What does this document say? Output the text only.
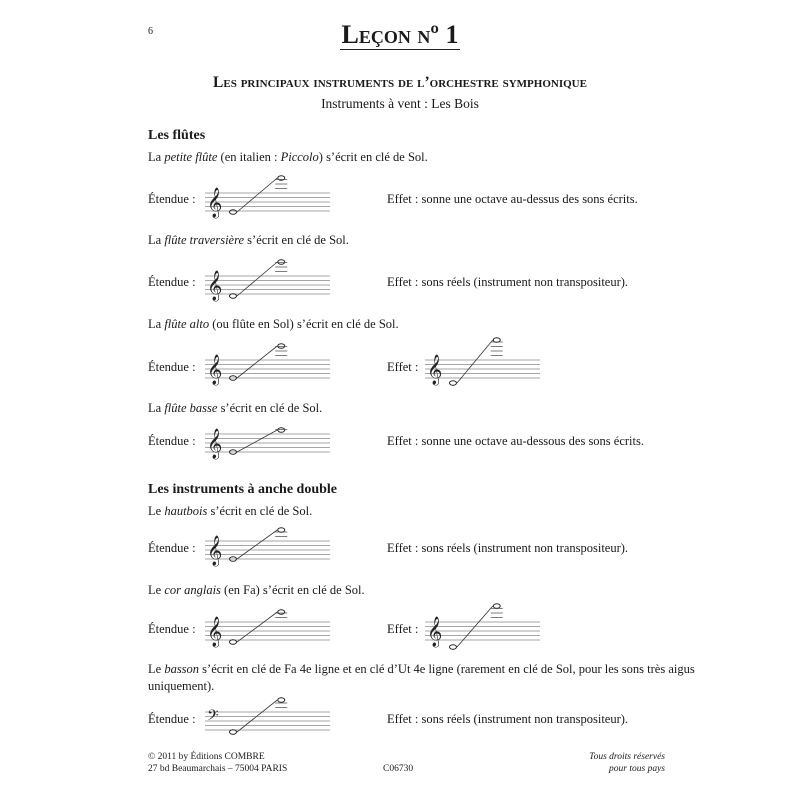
6	Leçon nº 1
Les principaux instruments de l’orchestre symphonique
Instruments à vent : Les Bois
Les flûtes
Les instruments à anche double
La petite flûte (en italien : Piccolo) s’écrit en clé de Sol.
Étendue : 𝄞	Effet : sonne une octave au-dessus des sons écrits.
La flûte traversière s’écrit en clé de Sol.
Étendue : 𝄞	Effet : sons réels (instrument non transpositeur).
La flûte alto (ou flûte en Sol) s’écrit en clé de Sol.
Étendue : 𝄞	Effet : 𝄞
La flûte basse s’écrit en clé de Sol.
Étendue : 𝄞	Effet : sonne une octave au-dessous des sons écrits.
Le hautbois s’écrit en clé de Sol.
Étendue : 𝄞	Effet : sons réels (instrument non transpositeur).
Le cor anglais (en Fa) s’écrit en clé de Sol.
Étendue : 𝄞	Effet : 𝄞
Le basson s’écrit en clé de Fa 4e ligne et en clé d’Ut 4e ligne (rarement en clé de Sol, pour les sons très aigus
uniquement).
Étendue : 𝄢	Effet : sons réels (instrument non transpositeur).
© 2011 by Éditions COMBRE
27 bd Beaumarchais – 75004 PARIS	C06730
Tous droits réservés
pour tous pays
